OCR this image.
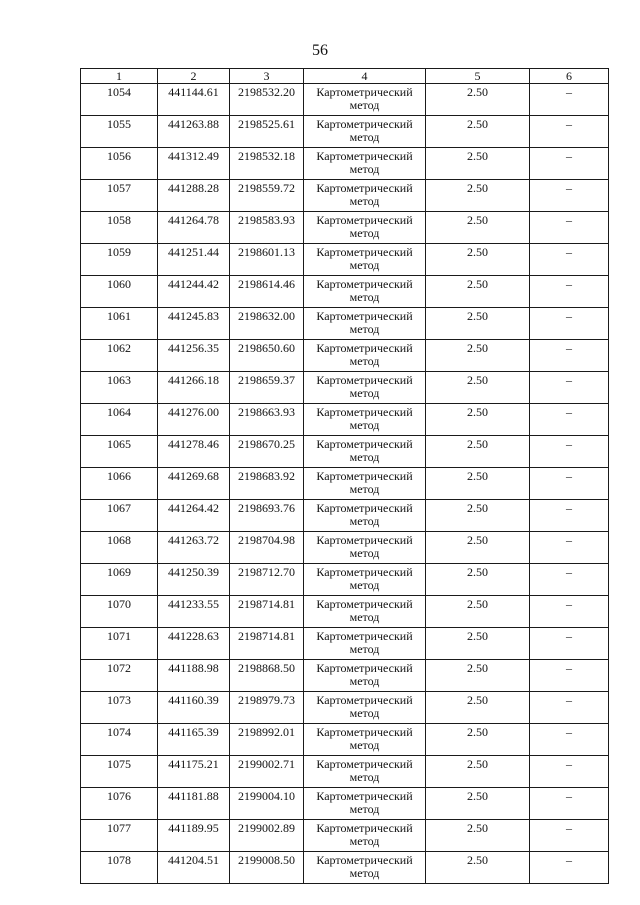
56
1	2	3	4	5	6
1054	441144.61	2198532.20	Картометрический метод	2.50	–
1055	441263.88	2198525.61	Картометрический метод	2.50	–
1056	441312.49	2198532.18	Картометрический метод	2.50	–
1057	441288.28	2198559.72	Картометрический метод	2.50	–
1058	441264.78	2198583.93	Картометрический метод	2.50	–
1059	441251.44	2198601.13	Картометрический метод	2.50	–
1060	441244.42	2198614.46	Картометрический метод	2.50	–
1061	441245.83	2198632.00	Картометрический метод	2.50	–
1062	441256.35	2198650.60	Картометрический метод	2.50	–
1063	441266.18	2198659.37	Картометрический метод	2.50	–
1064	441276.00	2198663.93	Картометрический метод	2.50	–
1065	441278.46	2198670.25	Картометрический метод	2.50	–
1066	441269.68	2198683.92	Картометрический метод	2.50	–
1067	441264.42	2198693.76	Картометрический метод	2.50	–
1068	441263.72	2198704.98	Картометрический метод	2.50	–
1069	441250.39	2198712.70	Картометрический метод	2.50	–
1070	441233.55	2198714.81	Картометрический метод	2.50	–
1071	441228.63	2198714.81	Картометрический метод	2.50	–
1072	441188.98	2198868.50	Картометрический метод	2.50	–
1073	441160.39	2198979.73	Картометрический метод	2.50	–
1074	441165.39	2198992.01	Картометрический метод	2.50	–
1075	441175.21	2199002.71	Картометрический метод	2.50	–
1076	441181.88	2199004.10	Картометрический метод	2.50	–
1077	441189.95	2199002.89	Картометрический метод	2.50	–
1078	441204.51	2199008.50	Картометрический метод	2.50	–
